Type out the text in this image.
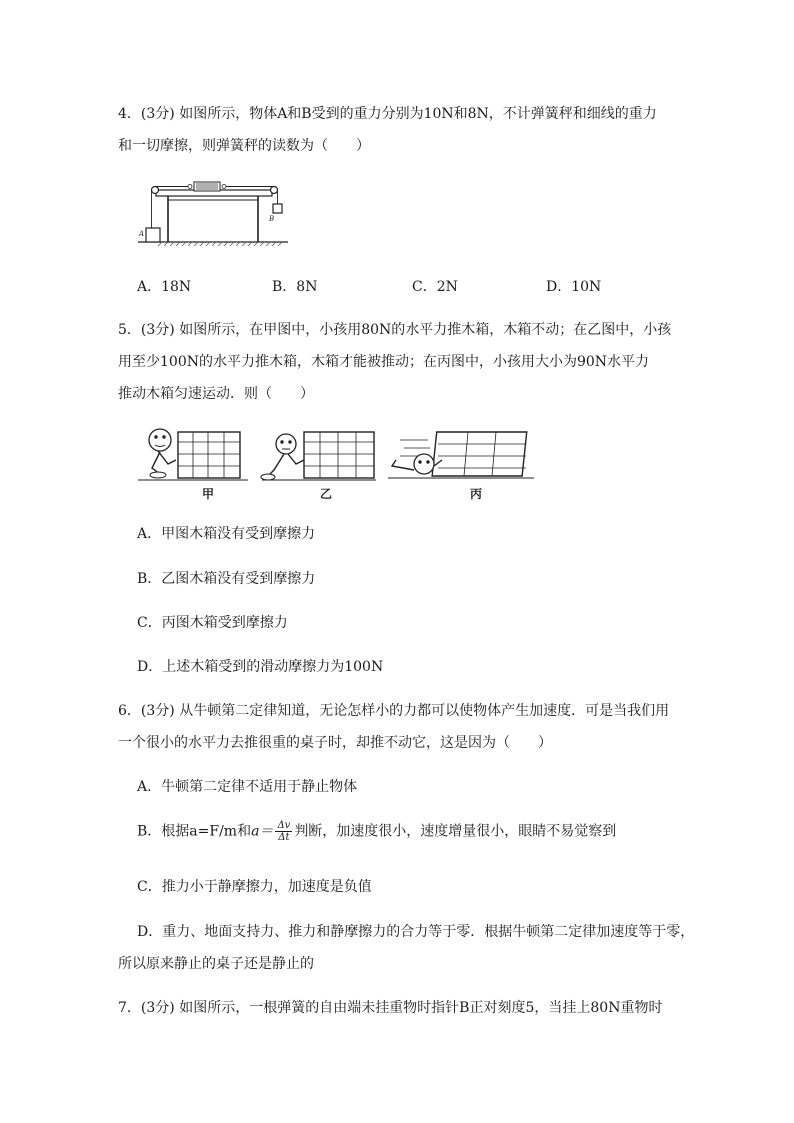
4．(3分) 如图所示，物体A和B受到的重力分别为10N和8N，不计弹簧秤和细线的重力
和一切摩擦，则弹簧秤的读数为（　　）
A
B
A．18N	B．8N	C．2N	D．10N
5．(3分) 如图所示，在甲图中，小孩用80N的水平力推木箱，木箱不动；在乙图中，小孩
用至少100N的水平力推木箱，木箱才能被推动；在丙图中，小孩用大小为90N水平力
推动木箱匀速运动．则（　　）
甲	乙	丙
A．甲图木箱没有受到摩擦力
B．乙图木箱没有受到摩擦力
C．丙图木箱受到摩擦力
D．上述木箱受到的滑动摩擦力为100N
6．(3分) 从牛顿第二定律知道，无论怎样小的力都可以使物体产生加速度．可是当我们用
一个很小的水平力去推很重的桌子时，却推不动它，这是因为（　　）
A．牛顿第二定律不适用于静止物体
B．根据a=F/m和$a= \frac{\Delta v}{\Delta t}$ 判断，加速度很小，速度增量很小，眼睛不易觉察到
C．推力小于静摩擦力，加速度是负值
D．重力、地面支持力、推力和静摩擦力的合力等于零．根据牛顿第二定律加速度等于零，
所以原来静止的桌子还是静止的
7．(3分) 如图所示，一根弹簧的自由端未挂重物时指针B正对刻度5，当挂上80N重物时
